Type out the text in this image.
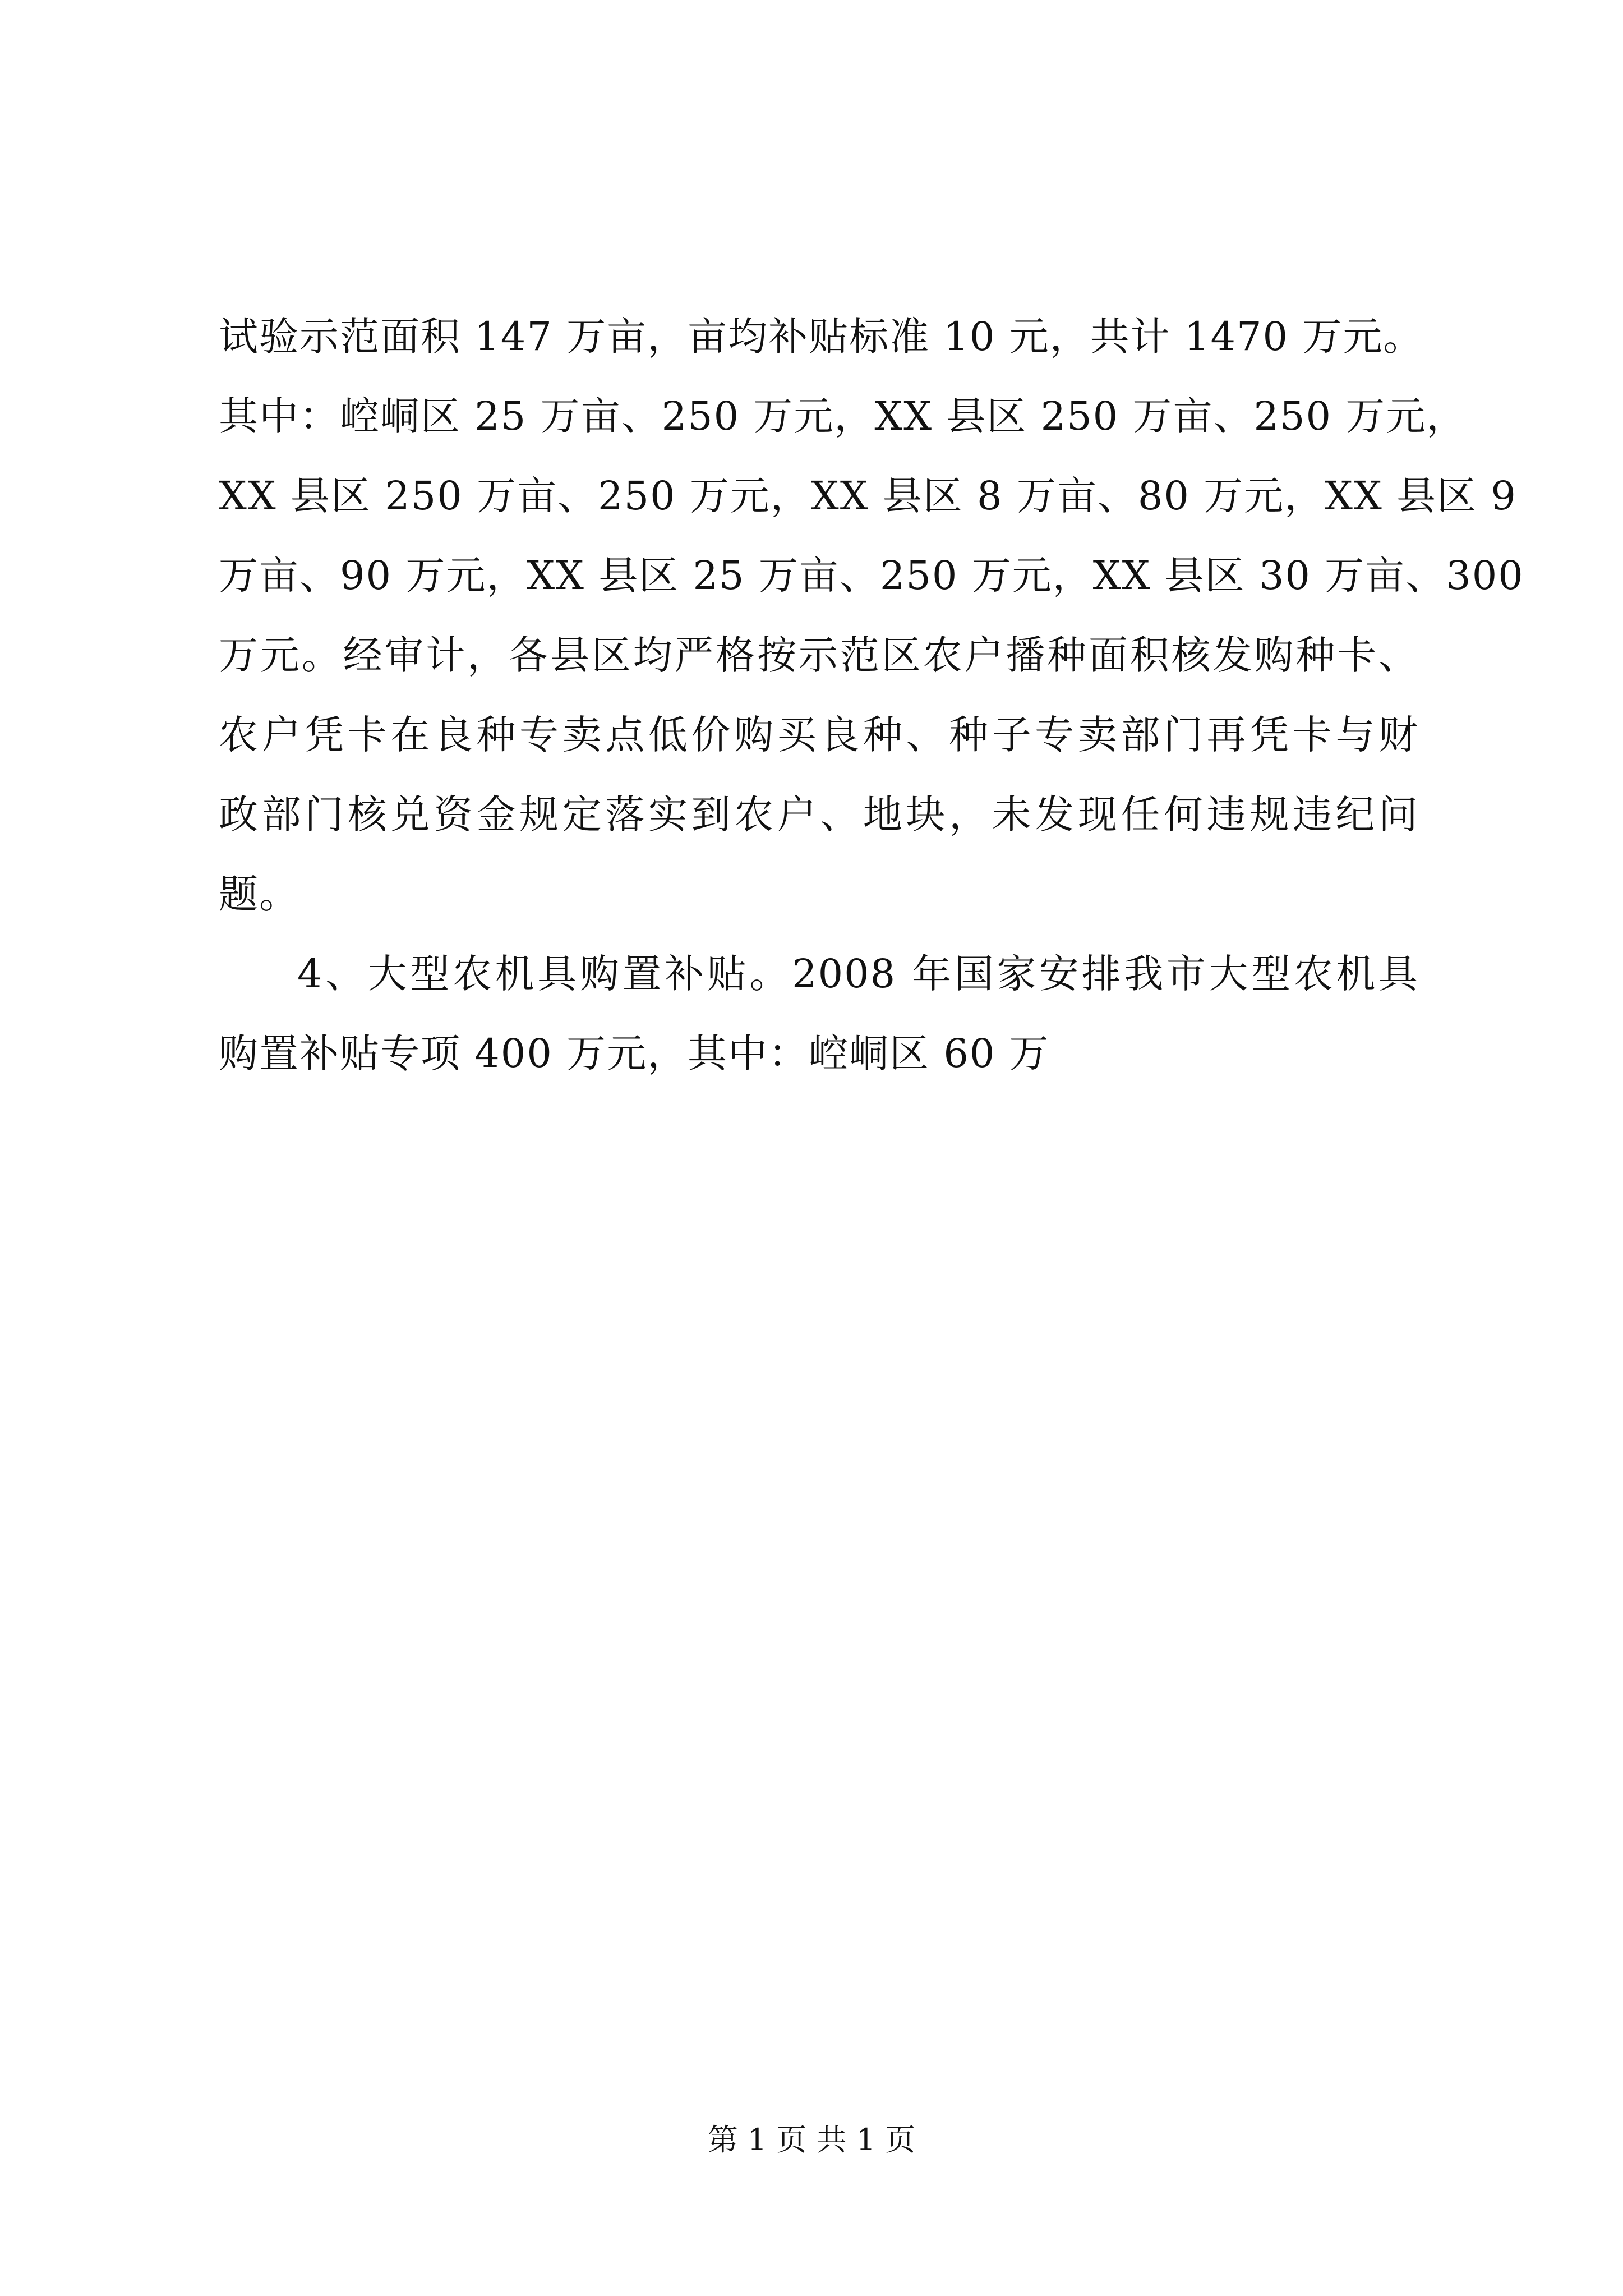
试验示范面积 147 万亩，亩均补贴标准 10 元，共计 1470 万元。
其中：崆峒区 25 万亩、250 万元，XX 县区 250 万亩、250 万元，
XX 县区 250 万亩、250 万元，XX 县区 8 万亩、80 万元，XX 县区 9
万亩、90 万元，XX 县区 25 万亩、250 万元，XX 县区 30 万亩、300
万元。经审计，各县区均严格按示范区农户播种面积核发购种卡、
农户凭卡在良种专卖点低价购买良种、种子专卖部门再凭卡与财
政部门核兑资金规定落实到农户、地块，未发现任何违规违纪问
题。
4、大型农机具购置补贴。2008 年国家安排我市大型农机具
购置补贴专项 400 万元，其中：崆峒区 60 万
第 1 页 共 1 页
